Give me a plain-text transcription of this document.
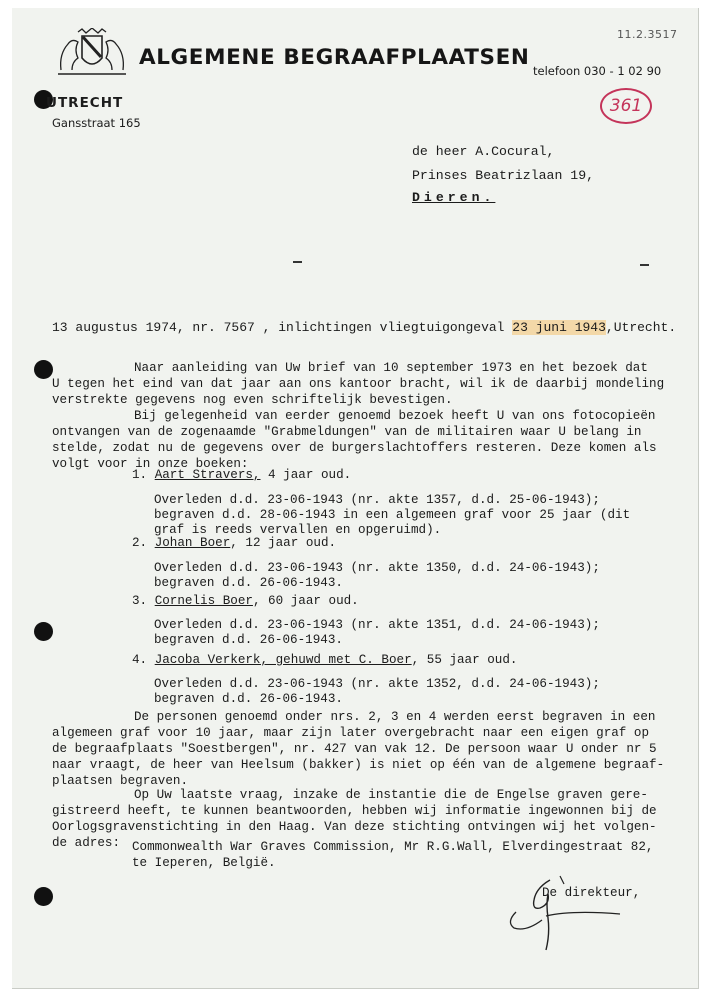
ALGEMENE BEGRAAFPLAATSEN
telefoon 030 - 1 02 90
UTRECHT
Gansstraat 165
11.2.3517
361
de heer A.Cocural,
Prinses Beatrizlaan 19,
Dieren.
13 augustus 1974, nr. 7567 , inlichtingen vliegtuigongeval 23 juni 1943,Utrecht.
Naar aanleiding van Uw brief van 10 september 1973 en het bezoek dat
U tegen het eind van dat jaar aan ons kantoor bracht, wil ik de daarbij mondeling
verstrekte gegevens nog even schriftelijk bevestigen.
Bij gelegenheid van eerder genoemd bezoek heeft U van ons fotocopieën
ontvangen van de zogenaamde "Grabmeldungen" van de militairen waar U belang in
stelde, zodat nu de gegevens over de burgerslachtoffers resteren. Deze komen als
volgt voor in onze boeken:
1. Aart Stravers, 4 jaar oud.
Overleden d.d. 23-06-1943 (nr. akte 1357, d.d. 25-06-1943);
begraven d.d. 28-06-1943 in een algemeen graf voor 25 jaar (dit
graf is reeds vervallen en opgeruimd).
2. Johan Boer, 12 jaar oud.
Overleden d.d. 23-06-1943 (nr. akte 1350, d.d. 24-06-1943);
begraven d.d. 26-06-1943.
3. Cornelis Boer, 60 jaar oud.
Overleden d.d. 23-06-1943 (nr. akte 1351, d.d. 24-06-1943);
begraven d.d. 26-06-1943.
4. Jacoba Verkerk, gehuwd met C. Boer, 55 jaar oud.
Overleden d.d. 23-06-1943 (nr. akte 1352, d.d. 24-06-1943);
begraven d.d. 26-06-1943.
De personen genoemd onder nrs. 2, 3 en 4 werden eerst begraven in een
algemeen graf voor 10 jaar, maar zijn later overgebracht naar een eigen graf op
de begraafplaats "Soestbergen", nr. 427 van vak 12. De persoon waar U onder nr 5
naar vraagt, de heer van Heelsum (bakker) is niet op één van de algemene begraaf-
plaatsen begraven.
Op Uw laatste vraag, inzake de instantie die de Engelse graven gere-
gistreerd heeft, te kunnen beantwoorden, hebben wij informatie ingewonnen bij de
Oorlogsgravenstichting in den Haag. Van deze stichting ontvingen wij het volgen-
de adres: Commonwealth War Graves Commission, Mr R.G.Wall, Elverdingestraat 82,
te Ieperen, België.
De direkteur,
